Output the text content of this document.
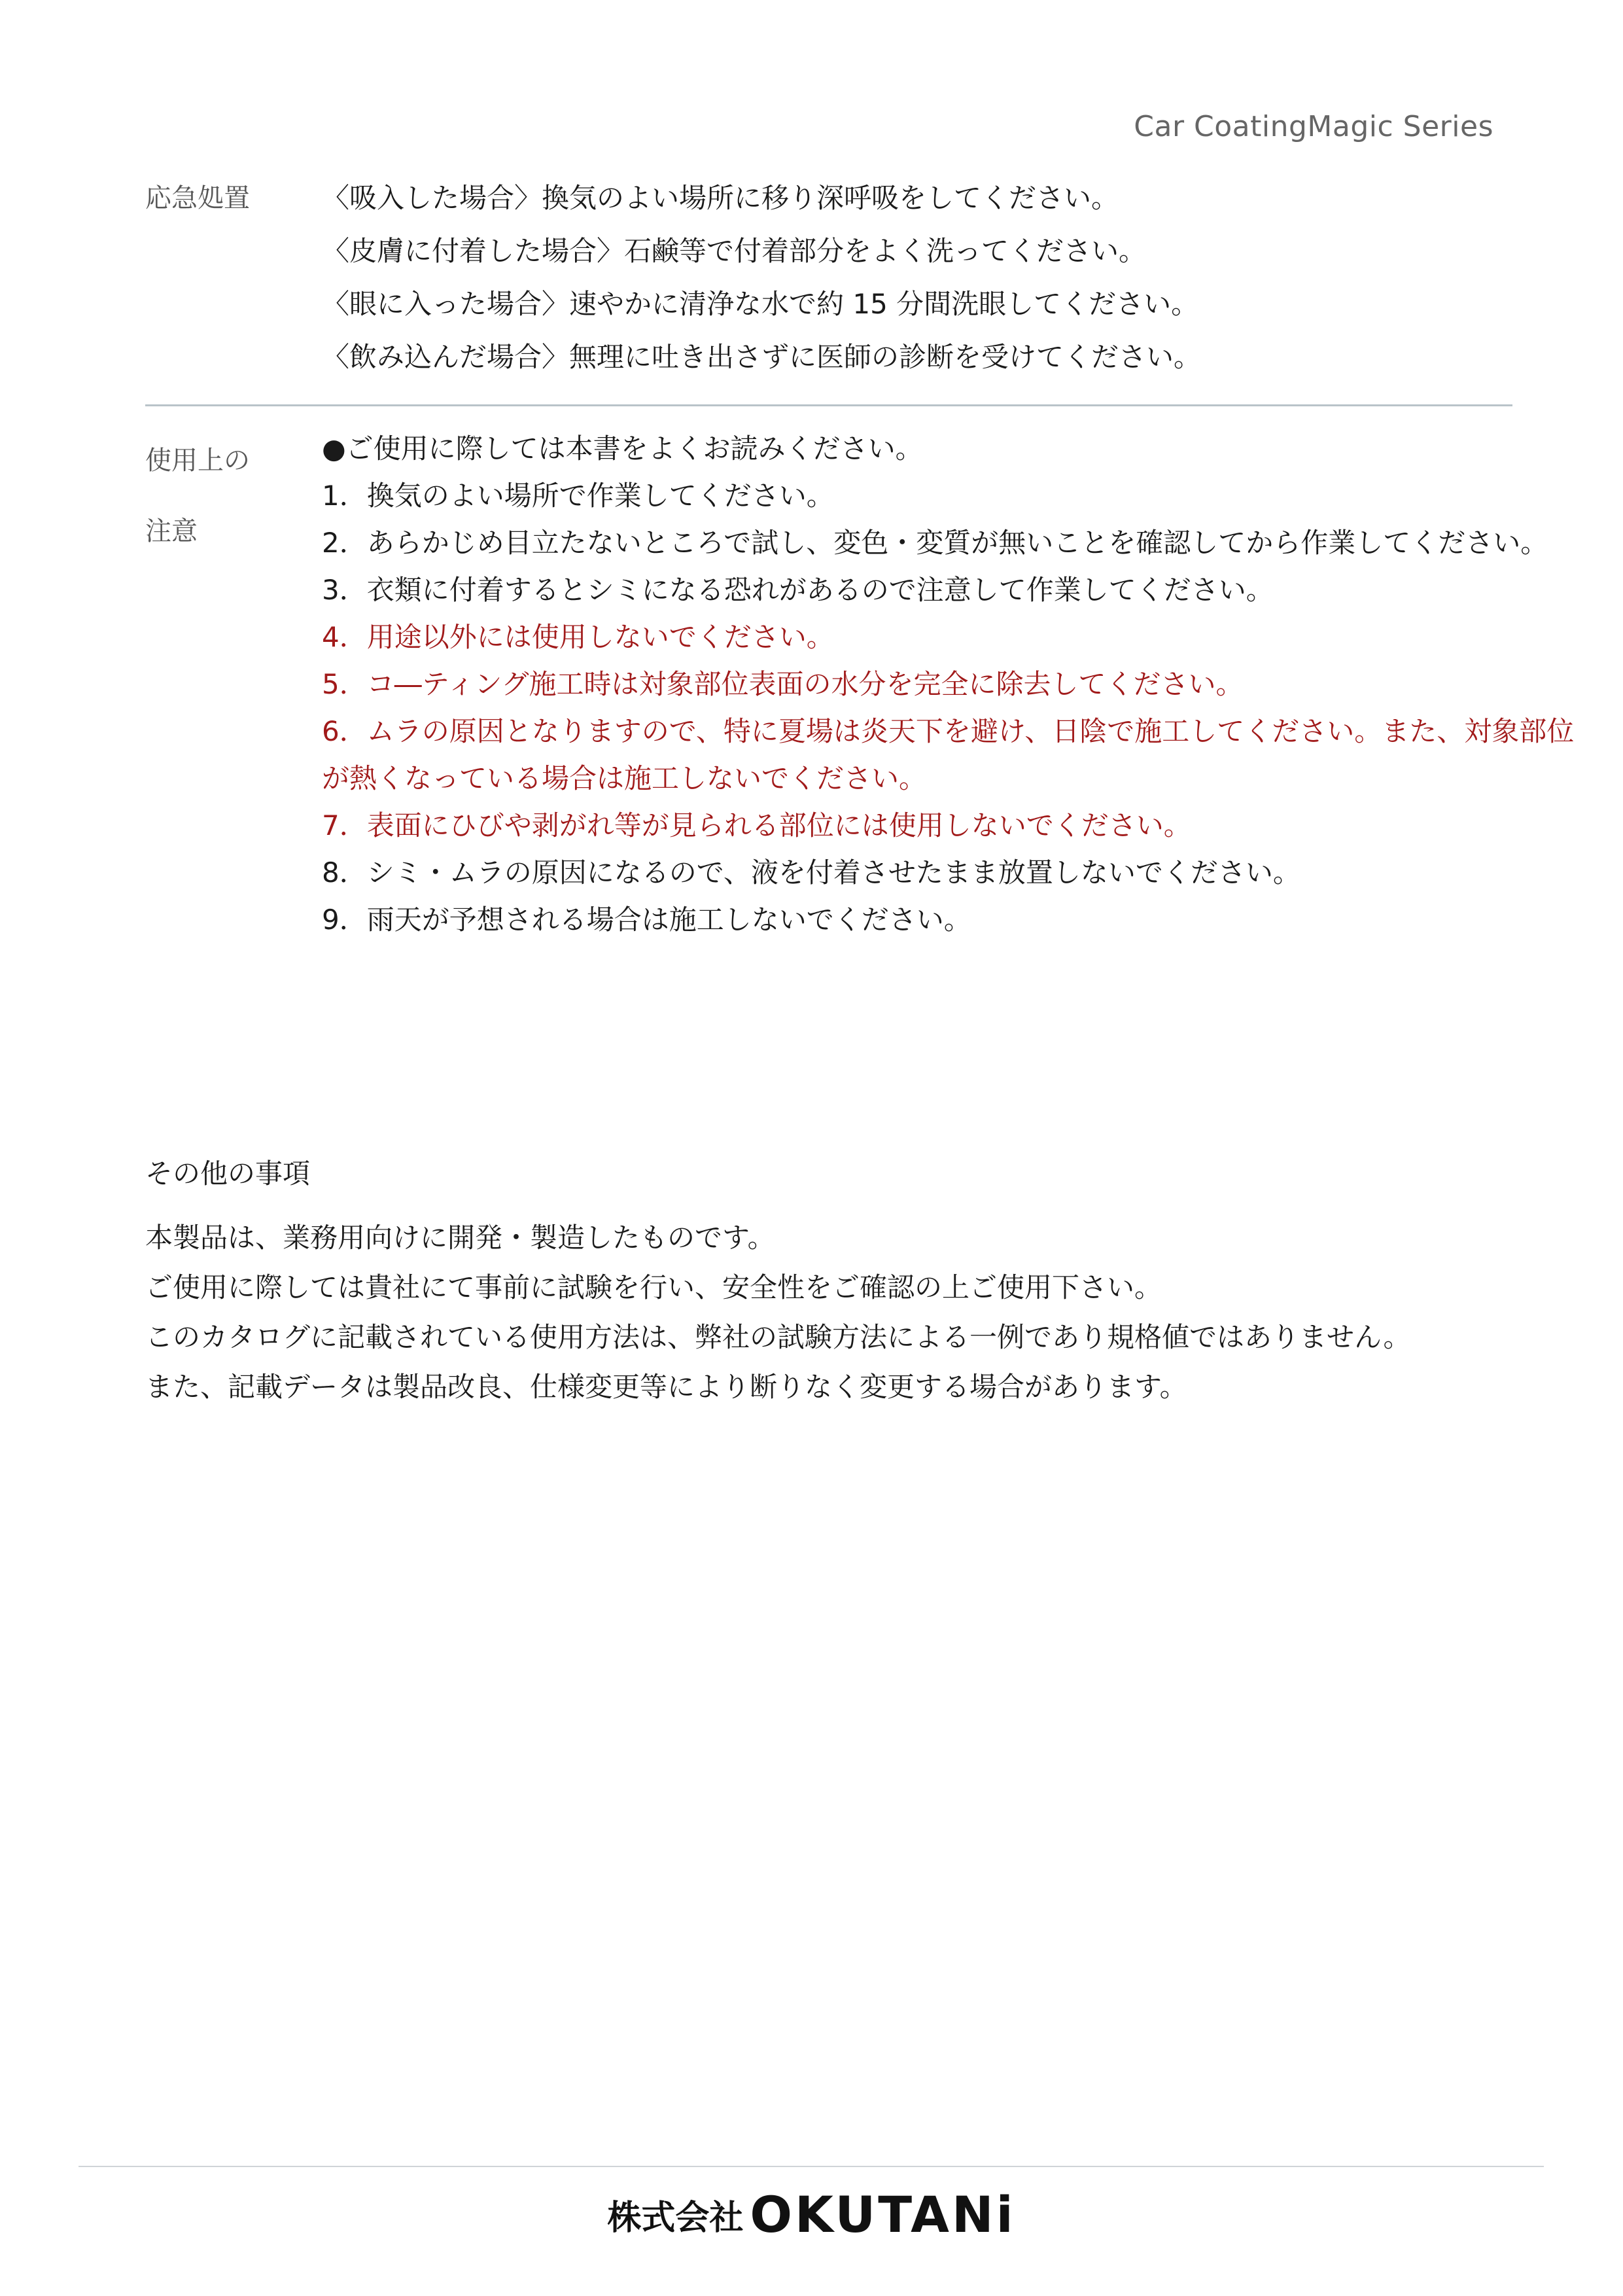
Car CoatingMagic Series
応急処置	〈吸入した場合〉換気のよい場所に移り深呼吸をしてください。
〈皮膚に付着した場合〉石鹸等で付着部分をよく洗ってください。
〈眼に入った場合〉速やかに清浄な水で約 15 分間洗眼してください。
〈飲み込んだ場合〉無理に吐き出さずに医師の診断を受けてください。
使用上の
注意
●ご使用に際しては本書をよくお読みください。
1．換気のよい場所で作業してください。
2．あらかじめ目立たないところで試し、変色・変質が無いことを確認してから作業してください。
3．衣類に付着するとシミになる恐れがあるので注意して作業してください。
4．用途以外には使用しないでください。
5．コ―ティング施工時は対象部位表面の水分を完全に除去してください。
6．ムラの原因となりますので、特に夏場は炎天下を避け、日陰で施工してください。また、対象部位が熱くなっている場合は施工しないでください。
7．表面にひびや剥がれ等が見られる部位には使用しないでください。
8．シミ・ムラの原因になるので、液を付着させたまま放置しないでください。
9．雨天が予想される場合は施工しないでください。
その他の事項
本製品は、業務用向けに開発・製造したものです。
ご使用に際しては貴社にて事前に試験を行い、安全性をご確認の上ご使用下さい。
このカタログに記載されている使用方法は、弊社の試験方法による一例であり規格値ではありません。
また、記載データは製品改良、仕様変更等により断りなく変更する場合があります。
株式会社 OKUTANi
